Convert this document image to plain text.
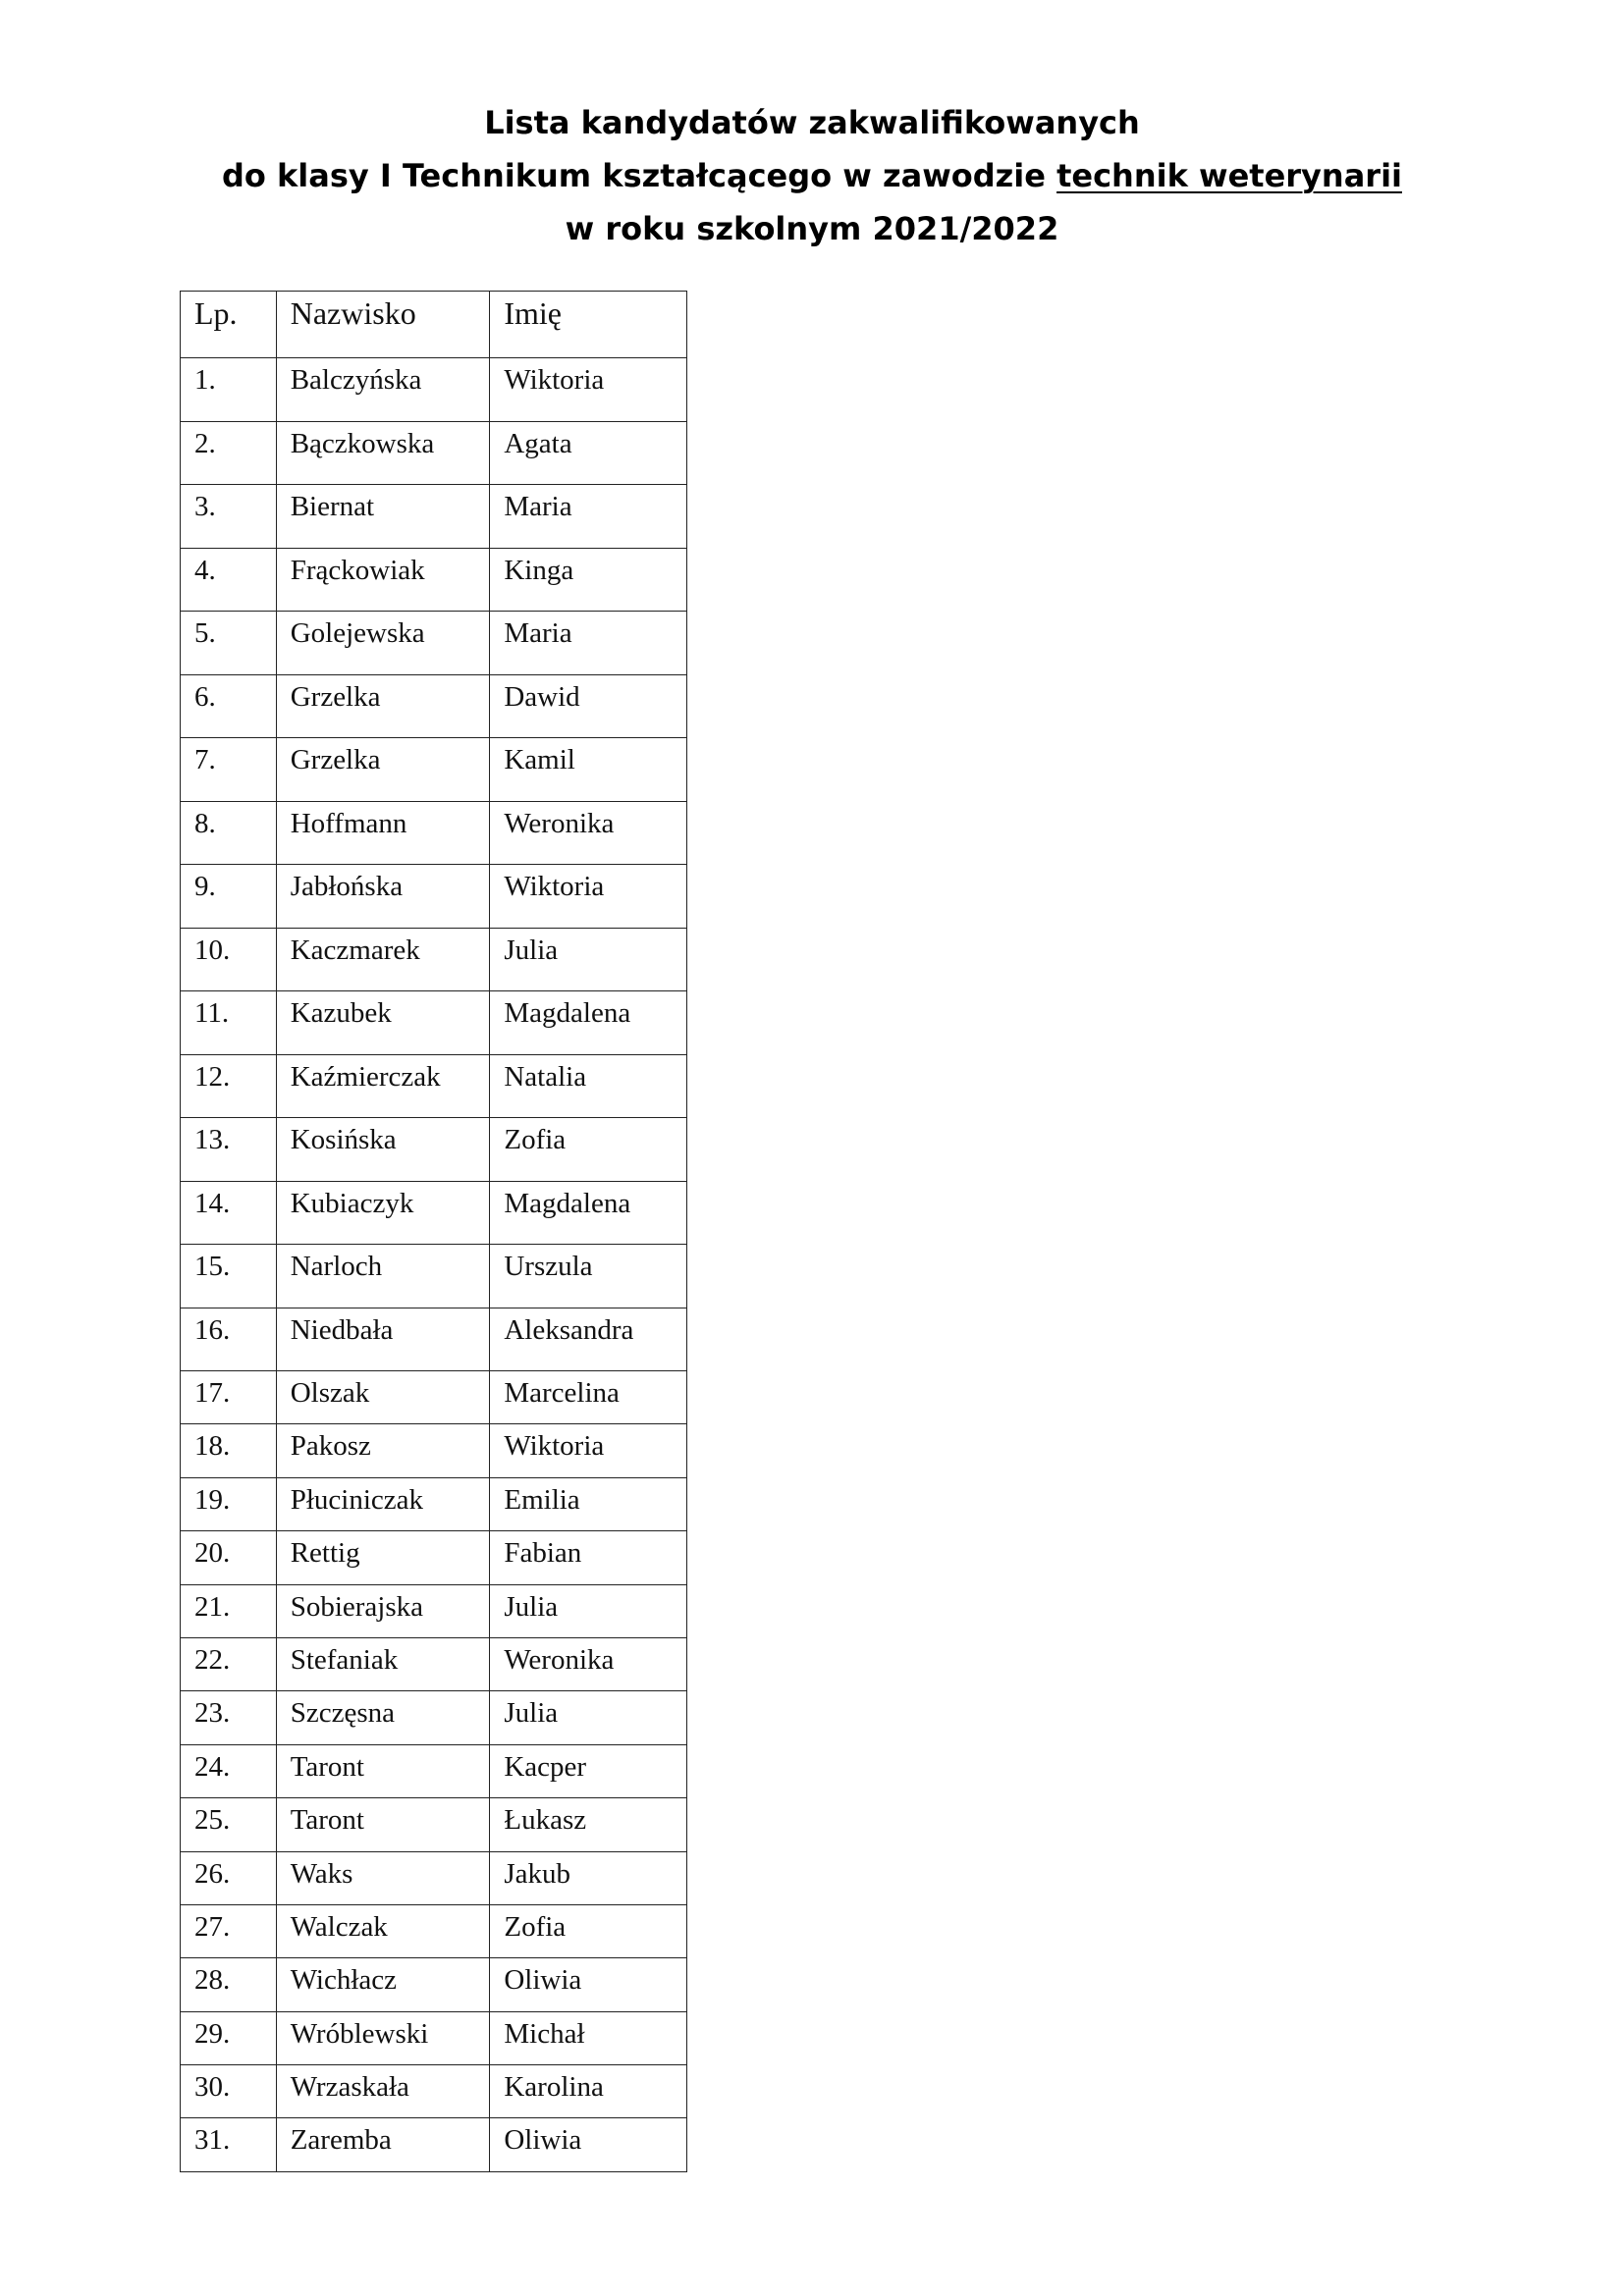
Lista kandydatów zakwalifikowanych
do klasy I Technikum kształcącego w zawodzie technik weterynarii
w roku szkolnym 2021/2022
Lp.	Nazwisko	Imię
1.	Balczyńska	Wiktoria
2.	Bączkowska	Agata
3.	Biernat	Maria
4.	Frąckowiak	Kinga
5.	Golejewska	Maria
6.	Grzelka	Dawid
7.	Grzelka	Kamil
8.	Hoffmann	Weronika
9.	Jabłońska	Wiktoria
10.	Kaczmarek	Julia
11.	Kazubek	Magdalena
12.	Kaźmierczak	Natalia
13.	Kosińska	Zofia
14.	Kubiaczyk	Magdalena
15.	Narloch	Urszula
16.	Niedbała	Aleksandra
17.	Olszak	Marcelina
18.	Pakosz	Wiktoria
19.	Płuciniczak	Emilia
20.	Rettig	Fabian
21.	Sobierajska	Julia
22.	Stefaniak	Weronika
23.	Szczęsna	Julia
24.	Taront	Kacper
25.	Taront	Łukasz
26.	Waks	Jakub
27.	Walczak	Zofia
28.	Wichłacz	Oliwia
29.	Wróblewski	Michał
30.	Wrzaskała	Karolina
31.	Zaremba	Oliwia
